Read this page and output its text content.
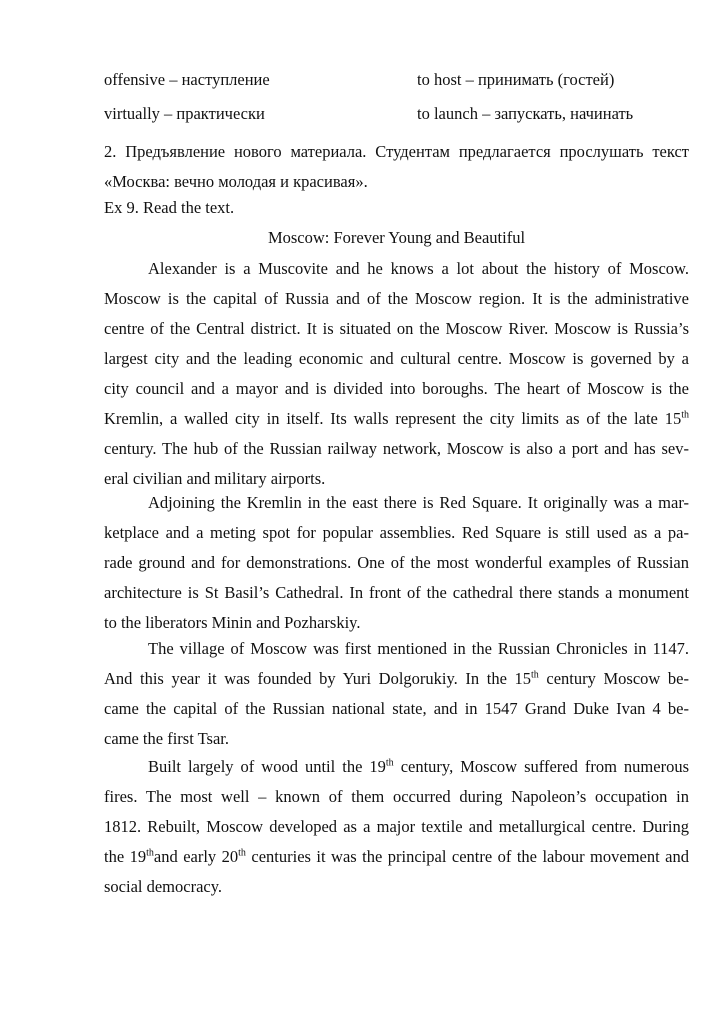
offensive – наступление	to host – принимать (гостей)
virtually – практически	to launch – запускать, начинать
2. Предъявление нового материала. Студентам предлагается прослушать текст
«Москва: вечно молодая и красивая».
Ex 9. Read the text.
Moscow: Forever Young and Beautiful
Alexander is a Muscovite and he knows a lot about the history of Moscow.
Moscow is the capital of Russia and of the Moscow region. It is the administrative
centre of the Central district. It is situated on the Moscow River. Moscow is Russia’s
largest city and the leading economic and cultural centre. Moscow is governed by a
city council and a mayor and is divided into boroughs. The heart of Moscow is the
Kremlin, a walled city in itself. Its walls represent the city limits as of the late 15th
century. The hub of the Russian railway network, Moscow is also a port and has sev-
eral civilian and military airports.
Adjoining the Kremlin in the east there is Red Square. It originally was a mar-
ketplace and a meting spot for popular assemblies. Red Square is still used as a pa-
rade ground and for demonstrations. One of the most wonderful examples of Russian
architecture is St Basil’s Cathedral. In front of the cathedral there stands a monument
to the liberators Minin and Pozharskiy.
The village of Moscow was first mentioned in the Russian Chronicles in 1147.
And this year it was founded by Yuri Dolgorukiy. In the 15th century Moscow be-
came the capital of the Russian national state, and in 1547 Grand Duke Ivan 4 be-
came the first Tsar.
Built largely of wood until the 19th century, Moscow suffered from numerous
fires. The most well – known of them occurred during Napoleon’s occupation in
1812. Rebuilt, Moscow developed as a major textile and metallurgical centre. During
the 19thand early 20th centuries it was the principal centre of the labour movement and
social democracy.
